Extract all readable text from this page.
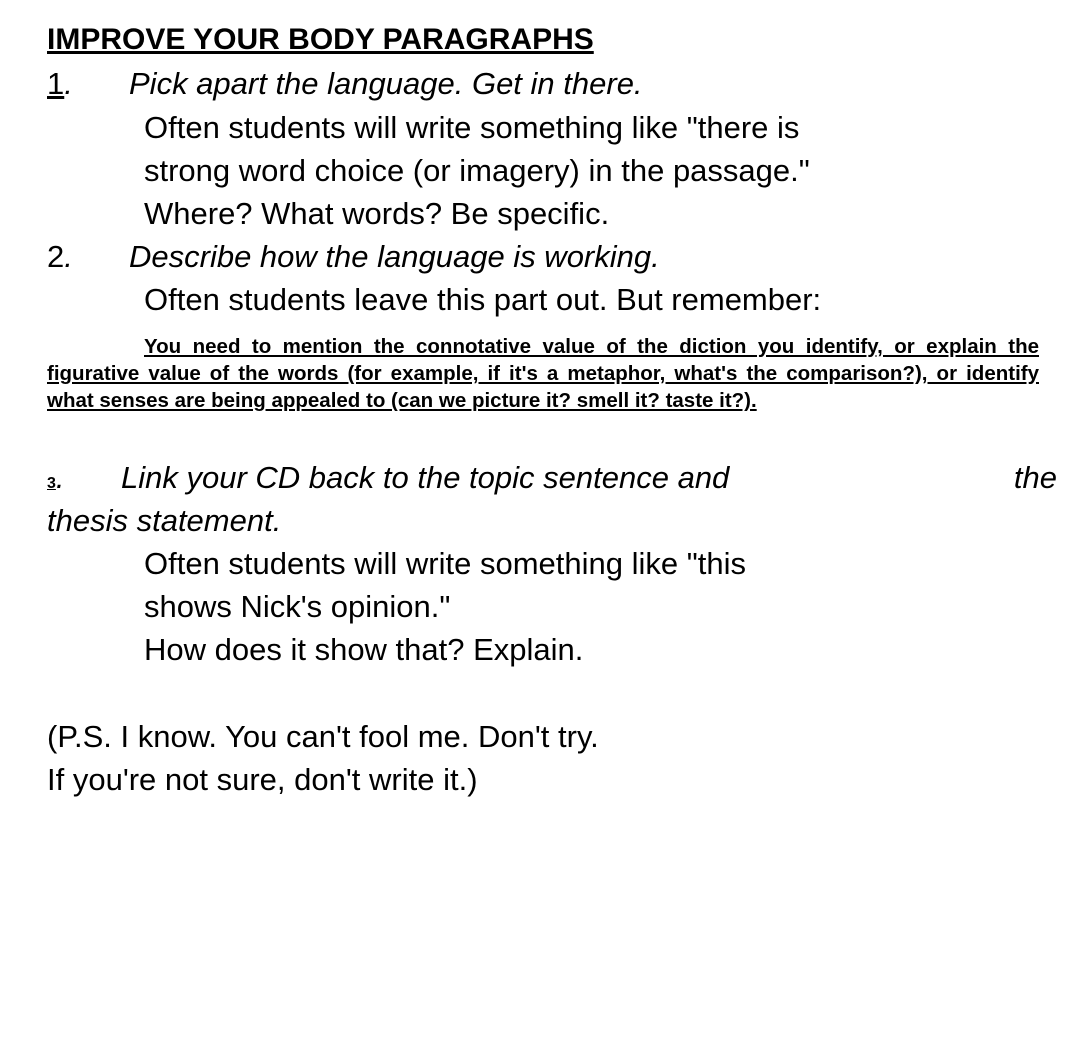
IMPROVE YOUR BODY PARAGRAPHS
1. Pick apart the language. Get in there.
Often students will write something like "there is
strong word choice (or imagery) in the passage."
Where? What words? Be specific.
2. Describe how the language is working.
Often students leave this part out. But remember:
You need to mention the connotative value of the diction you identify, or explain the figurative value of the words (for example, if it's a metaphor, what's the comparison?), or identify what senses are being appealed to (can we picture it? smell it? taste it?).
3. Link your CD back to the topic sentence and	the
thesis statement.
Often students will write something like "this
shows Nick's opinion."
How does it show that? Explain.
(P.S. I know. You can't fool me. Don't try.
If you're not sure, don't write it.)
